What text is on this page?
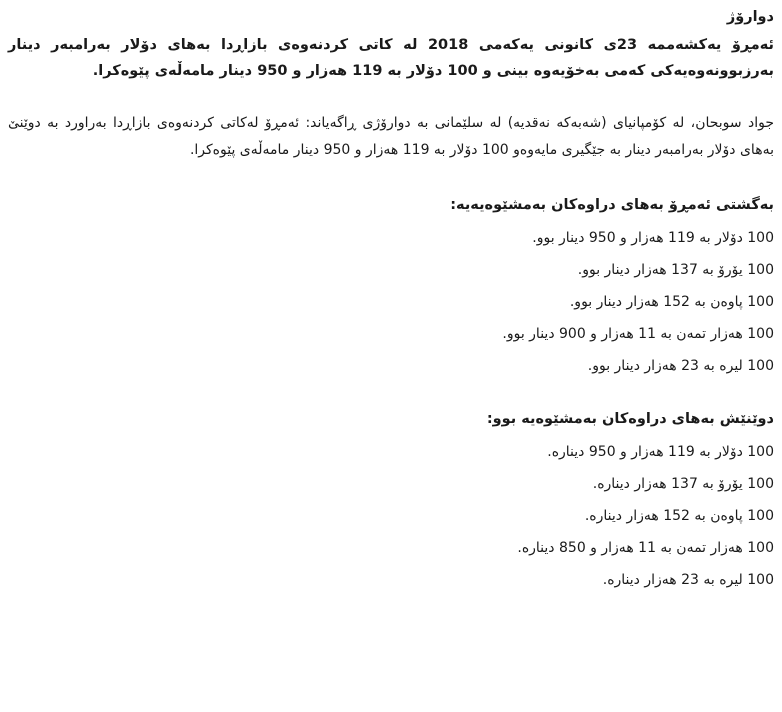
دوارۆژ

ئەمڕۆ یەکشەممە 23ی کانونی یەکەمی 2018 لە کاتی کردنەوەی بازاڕدا بەهای دۆلار بەرامبەر دینار بەرزبوونەوەیەکی کەمی بەخۆیەوە بینی و 100 دۆلار بە 119 هەزار و 950 دینار مامەڵەی پێوەکرا.

جواد سوبحان، لە کۆمپانیای (شەبەکە نەقدیە) لە سلێمانی بە دوارۆژی ڕاگەیاند: ئەمڕۆ لەکاتی کردنەوەی بازاڕدا بەراورد بە دوێنێ بەهای دۆلار بەرامبەر دینار بە جێگیری مایەوەو 100 دۆلار بە 119 هەزار و 950 دینار مامەڵەی پێوەکرا.

بەگشتی ئەمڕۆ بەهای دراوەکان بەمشێوەیەیە:
100 دۆلار بە 119 هەزار و 950 دینار بوو.
100 یۆرۆ بە 137 هەزار دینار بوو.
100 پاوەن بە 152 هەزار دینار بوو.
100 هەزار تمەن بە 11 هەزار و 900 دینار بوو.
100 لیرە بە 23 هەزار دینار بوو.
دوێنێش بەهای دراوەکان بەمشێوەیە بوو:
100 دۆلار بە 119 هەزار و 950 دینارە.
100 یۆرۆ بە 137 هەزار دینارە.
100 پاوەن بە 152 هەزار دینارە.
100 هەزار تمەن بە 11 هەزار و 850 دینارە.
100 لیرە بە 23 هەزار دینارە.
